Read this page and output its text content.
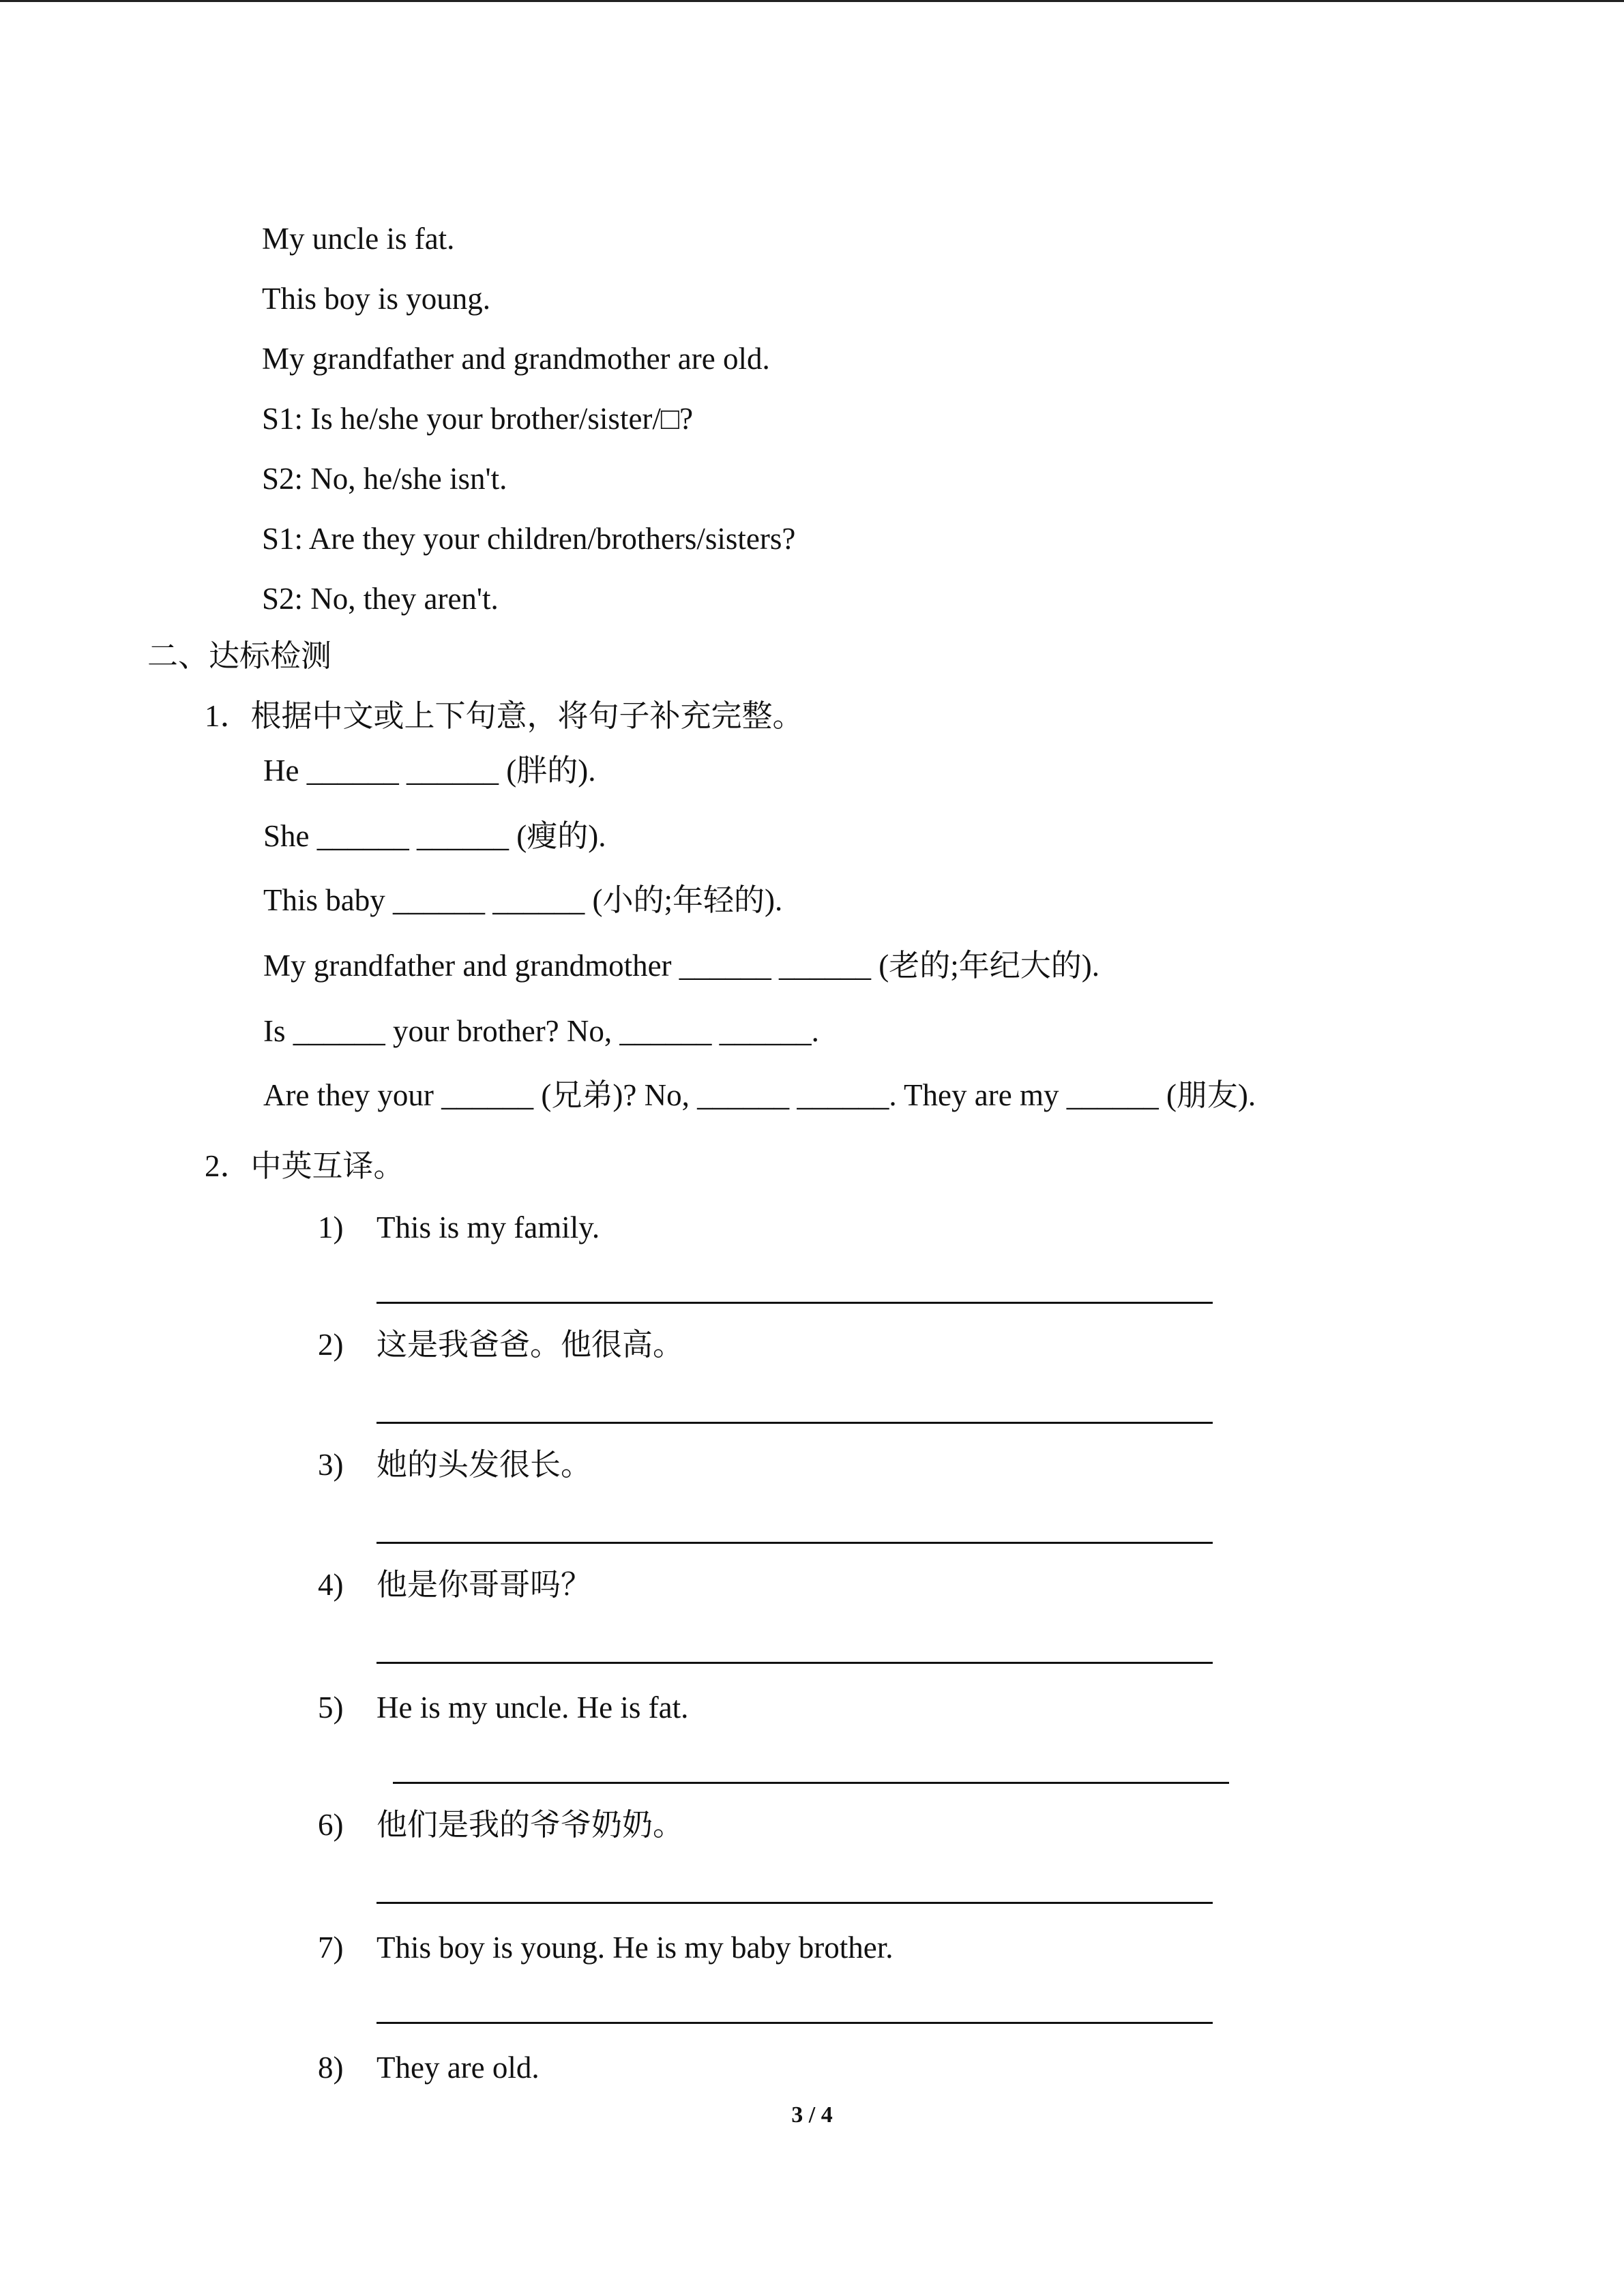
My uncle is fat.
This boy is young.
My grandfather and grandmother are old.
S1: Is he/she your brother/sister/□?
S2: No, he/she isn't.
S1: Are they your children/brothers/sisters?
S2: No, they aren't.
二、达标检测
1．根据中文或上下句意，将句子补充完整。
He ______ ______ (胖的).
She ______ ______ (瘦的).
This baby ______ ______ (小的;年轻的).
My grandfather and grandmother ______ ______ (老的;年纪大的).
Is ______ your brother? No, ______ ______.
Are they your ______ (兄弟)? No, ______ ______. They are my ______ (朋友).
2．中英互译。
1) This is my family.
2) 这是我爸爸。他很高。
3) 她的头发很长。
4) 他是你哥哥吗？
5) He is my uncle. He is fat.
6) 他们是我的爷爷奶奶。
7) This boy is young. He is my baby brother.
8) They are old.
3 / 4
